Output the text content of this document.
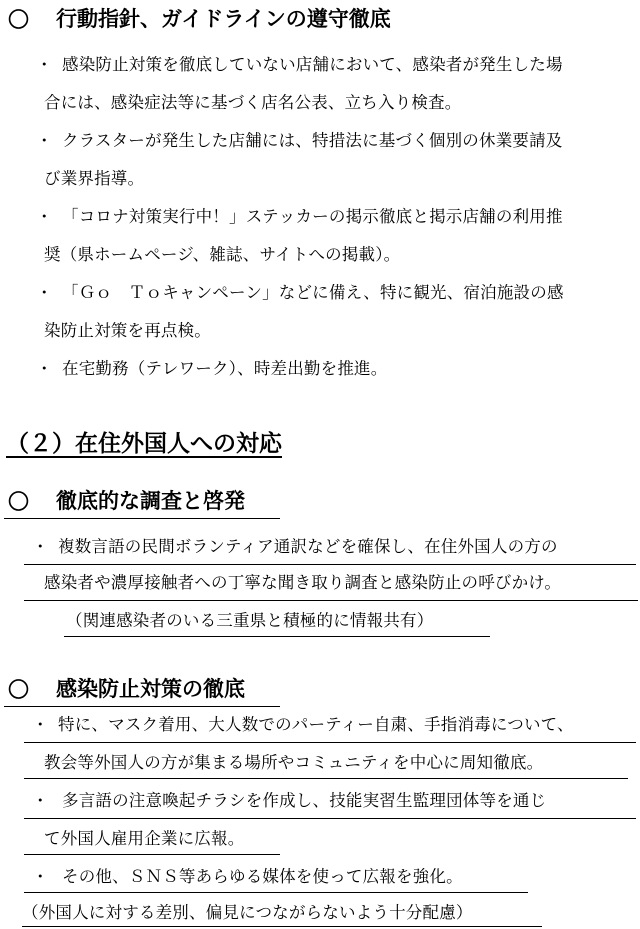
〇 行動指針、ガイドラインの遵守徹底
・ 感染防止対策を徹底していない店舗において、感染者が発生した場
合には、感染症法等に基づく店名公表、立ち入り検査。
・ クラスターが発生した店舗には、特措法に基づく個別の休業要請及
び業界指導。
・ 「コロナ対策実行中！」ステッカーの掲示徹底と掲示店舗の利用推
奨（県ホームページ、雑誌、サイトへの掲載）。
・ 「Ｇｏ　Ｔｏキャンペーン」などに備え、特に観光、宿泊施設の感
染防止対策を再点検。
・ 在宅勤務（テレワーク）、時差出勤を推進。
（２）在住外国人への対応
〇 徹底的な調査と啓発
・ 複数言語の民間ボランティア通訳などを確保し、在住外国人の方の
感染者や濃厚接触者への丁寧な聞き取り調査と感染防止の呼びかけ。
（関連感染者のいる三重県と積極的に情報共有）
〇 感染防止対策の徹底
・ 特に、マスク着用、大人数でのパーティー自粛、手指消毒について、
教会等外国人の方が集まる場所やコミュニティを中心に周知徹底。
・ 多言語の注意喚起チラシを作成し、技能実習生監理団体等を通じ
て外国人雇用企業に広報。
・ その他、ＳＮＳ等あらゆる媒体を使って広報を強化。
（外国人に対する差別、偏見につながらないよう十分配慮）
